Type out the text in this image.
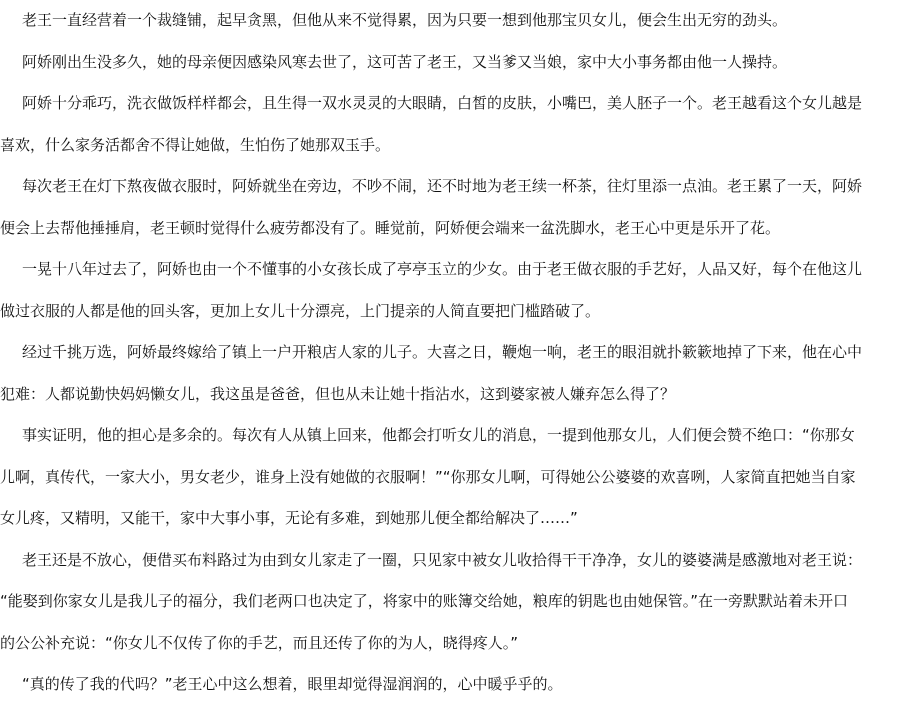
老王一直经营着一个裁缝铺，起早贪黑，但他从来不觉得累，因为只要一想到他那宝贝女儿，便会生出无穷的劲头。

阿娇刚出生没多久，她的母亲便因感染风寒去世了，这可苦了老王，又当爹又当娘，家中大小事务都由他一人操持。

阿娇十分乖巧，洗衣做饭样样都会，且生得一双水灵灵的大眼睛，白皙的皮肤，小嘴巴，美人胚子一个。老王越看这个女儿越是
喜欢，什么家务活都舍不得让她做，生怕伤了她那双玉手。

每次老王在灯下熬夜做衣服时，阿娇就坐在旁边，不吵不闹，还不时地为老王续一杯茶，往灯里添一点油。老王累了一天，阿娇
便会上去帮他捶捶肩，老王顿时觉得什么疲劳都没有了。睡觉前，阿娇便会端来一盆洗脚水，老王心中更是乐开了花。

一晃十八年过去了，阿娇也由一个不懂事的小女孩长成了亭亭玉立的少女。由于老王做衣服的手艺好，人品又好，每个在他这儿
做过衣服的人都是他的回头客，更加上女儿十分漂亮，上门提亲的人简直要把门槛踏破了。

经过千挑万选，阿娇最终嫁给了镇上一户开粮店人家的儿子。大喜之日，鞭炮一响，老王的眼泪就扑簌簌地掉了下来，他在心中
犯难：人都说勤快妈妈懒女儿，我这虽是爸爸，但也从未让她十指沾水，这到婆家被人嫌弃怎么得了？

事实证明，他的担心是多余的。每次有人从镇上回来，他都会打听女儿的消息，一提到他那女儿，人们便会赞不绝口：“你那女
儿啊，真传代，一家大小，男女老少，谁身上没有她做的衣服啊！”“你那女儿啊，可得她公公婆婆的欢喜咧，人家简直把她当自家
女儿疼，又精明，又能干，家中大事小事，无论有多难，到她那儿便全都给解决了……”

老王还是不放心，便借买布料路过为由到女儿家走了一圈，只见家中被女儿收拾得干干净净，女儿的婆婆满是感激地对老王说：
“能娶到你家女儿是我儿子的福分，我们老两口也决定了，将家中的账簿交给她，粮库的钥匙也由她保管。”在一旁默默站着未开口
的公公补充说：“你女儿不仅传了你的手艺，而且还传了你的为人，晓得疼人。”

“真的传了我的代吗？”老王心中这么想着，眼里却觉得湿润润的，心中暖乎乎的。
